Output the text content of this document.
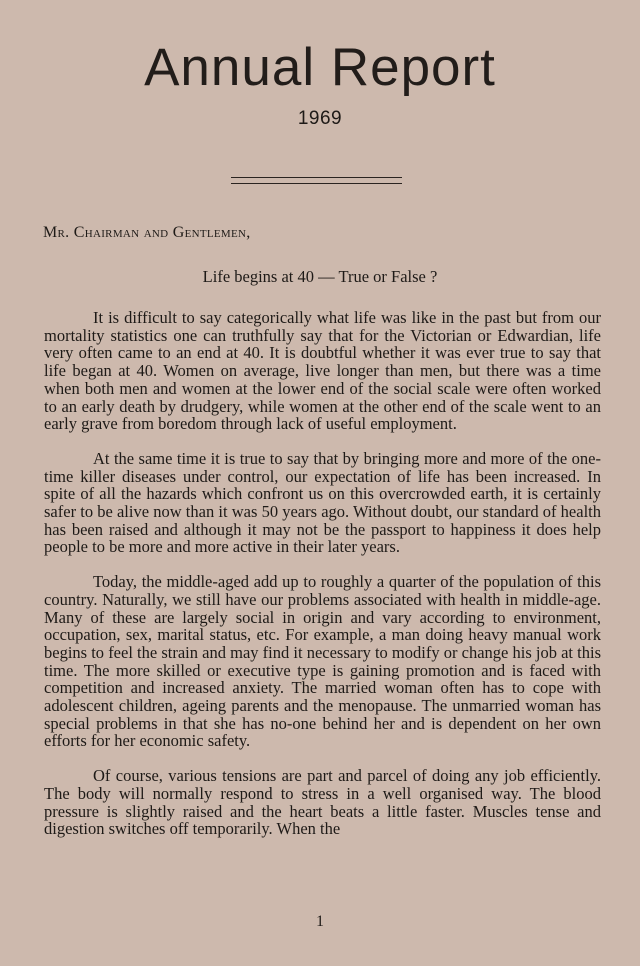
Annual Report
1969
Mr. Chairman and Gentlemen,
Life begins at 40 — True or False ?

It is difficult to say categorically what life was like in the past but from our mortality statistics one can truthfully say that for the Victorian or Edwardian, life very often came to an end at 40. It is doubtful whether it was ever true to say that life began at 40. Women on average, live longer than men, but there was a time when both men and women at the lower end of the social scale were often worked to an early death by drudgery, while women at the other end of the scale went to an early grave from boredom through lack of useful employment.

At the same time it is true to say that by bringing more and more of the one-time killer diseases under control, our expectation of life has been increased. In spite of all the hazards which confront us on this overcrowded earth, it is certainly safer to be alive now than it was 50 years ago. Without doubt, our standard of health has been raised and although it may not be the passport to happiness it does help people to be more and more active in their later years.

Today, the middle-aged add up to roughly a quarter of the population of this country. Naturally, we still have our problems associated with health in middle-age. Many of these are largely social in origin and vary according to environment, occupation, sex, marital status, etc. For example, a man doing heavy manual work begins to feel the strain and may find it necessary to modify or change his job at this time. The more skilled or executive type is gaining promotion and is faced with competition and increased anxiety. The married woman often has to cope with adolescent children, ageing parents and the menopause. The unmarried woman has special problems in that she has no-one behind her and is dependent on her own efforts for her economic safety.

Of course, various tensions are part and parcel of doing any job efficiently. The body will normally respond to stress in a well organised way. The blood pressure is slightly raised and the heart beats a little faster. Muscles tense and digestion switches off temporarily. When the

1
